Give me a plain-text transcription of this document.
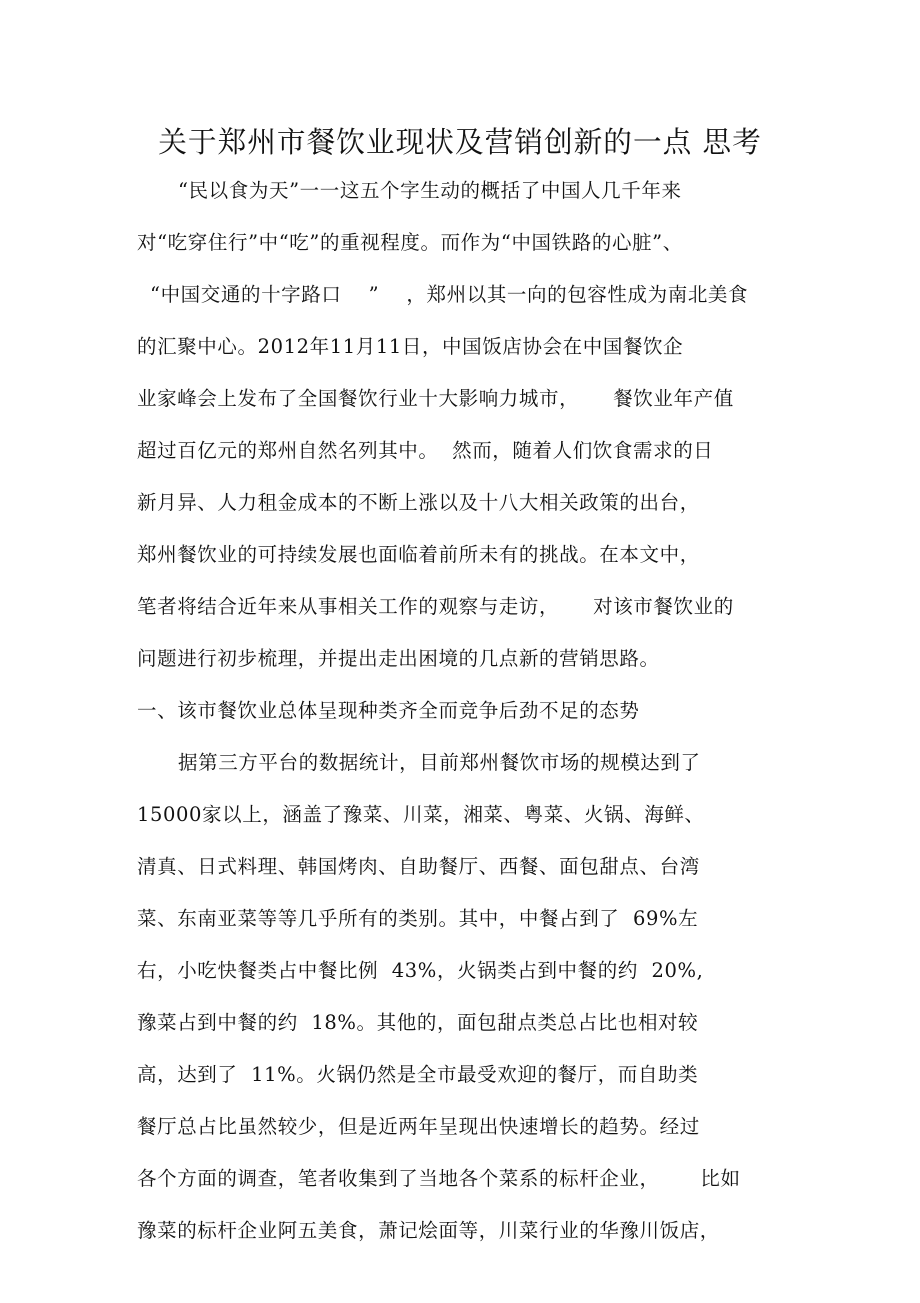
关于郑州市餐饮业现状及营销创新的一点 思考
“民以食为天”一一这五个字生动的概括了中国人几千年来
对“吃穿住行”中“吃”的重视程度。而作为“中国铁路的心脏”、
“中国交通的十字路口    ”    ，郑州以其一向的包容性成为南北美食
的汇聚中心。2012年11月11日，中国饭店协会在中国餐饮企
业家峰会上发布了全国餐饮行业十大影响力城市，     餐饮业年产值
超过百亿元的郑州自然名列其中。  然而，随着人们饮食需求的日
新月异、人力租金成本的不断上涨以及十八大相关政策的出台，
郑州餐饮业的可持续发展也面临着前所未有的挑战。在本文中，
笔者将结合近年来从事相关工作的观察与走访，     对该市餐饮业的
问题进行初步梳理，并提出走出困境的几点新的营销思路。
一、该市餐饮业总体呈现种类齐全而竞争后劲不足的态势
据第三方平台的数据统计，目前郑州餐饮市场的规模达到了
15000家以上，涵盖了豫菜、川菜，湘菜、粤菜、火锅、海鲜、
清真、日式料理、韩国烤肉、自助餐厅、西餐、面包甜点、台湾
菜、东南亚菜等等几乎所有的类别。其中，中餐占到了  69%左
右，小吃快餐类占中餐比例  43%，火锅类占到中餐的约  20%,
豫菜占到中餐的约  18%。其他的，面包甜点类总占比也相对较
高，达到了  11%。火锅仍然是全市最受欢迎的餐厅，而自助类
餐厅总占比虽然较少，但是近两年呈现出快速增长的趋势。经过
各个方面的调查，笔者收集到了当地各个菜系的标杆企业，      比如
豫菜的标杆企业阿五美食，萧记烩面等，川菜行业的华豫川饭店，
